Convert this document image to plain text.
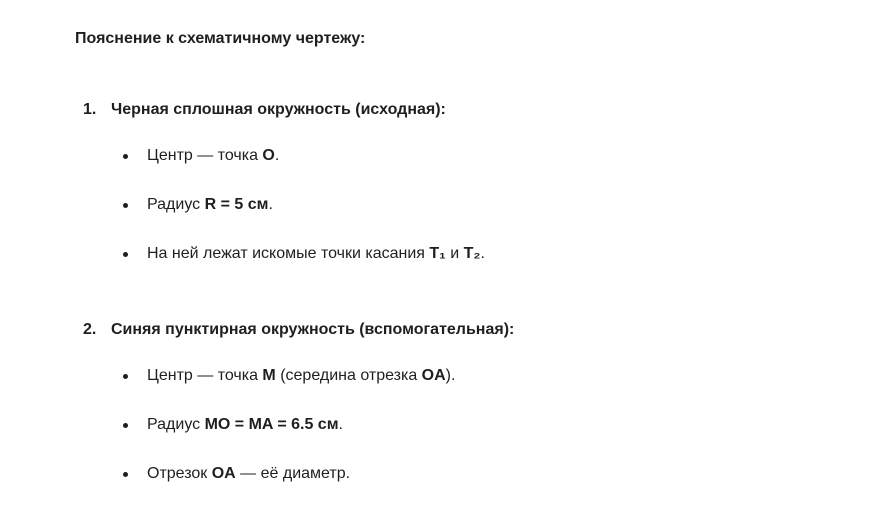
Пояснение к схематичному чертежу:
1. Черная сплошная окружность (исходная):
Центр — точка O.
Радиус R = 5 см.
На ней лежат искомые точки касания T₁ и T₂.
2. Синяя пунктирная окружность (вспомогательная):
Центр — точка M (середина отрезка OA).
Радиус MO = MA = 6.5 см.
Отрезок OA — её диаметр.
